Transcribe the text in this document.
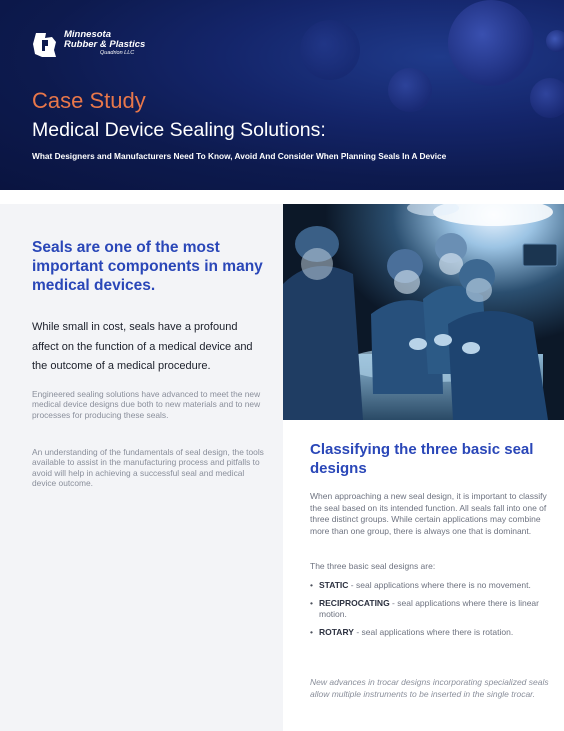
Minnesota
Rubber & Plastics
Quadrion LLC
Case Study
Medical Device Sealing Solutions:
What Designers and Manufacturers Need To Know, Avoid And Consider When Planning Seals In A Device
Seals are one of the most important components in many medical devices.
While small in cost, seals have a profound affect on the function of a medical device and the outcome of a medical procedure.
Engineered sealing solutions have advanced to meet the new medical device designs due both to new materials and to new processes for producing these seals.
An understanding of the fundamentals of seal design, the tools available to assist in the manufacturing process and pitfalls to avoid will help in achieving a successful seal and medical device outcome.
Classifying the three basic seal designs
When approaching a new seal design, it is important to classify the seal based on its intended function. All seals fall into one of three distinct groups. While certain applications may combine more than one group, there is always one that is dominant.
The three basic seal designs are:
• STATIC - seal applications where there is no movement.
• RECIPROCATING - seal applications where there is linear motion.
• ROTARY - seal applications where there is rotation.
New advances in trocar designs incorporating specialized seals allow multiple instruments to be inserted in the single trocar.
